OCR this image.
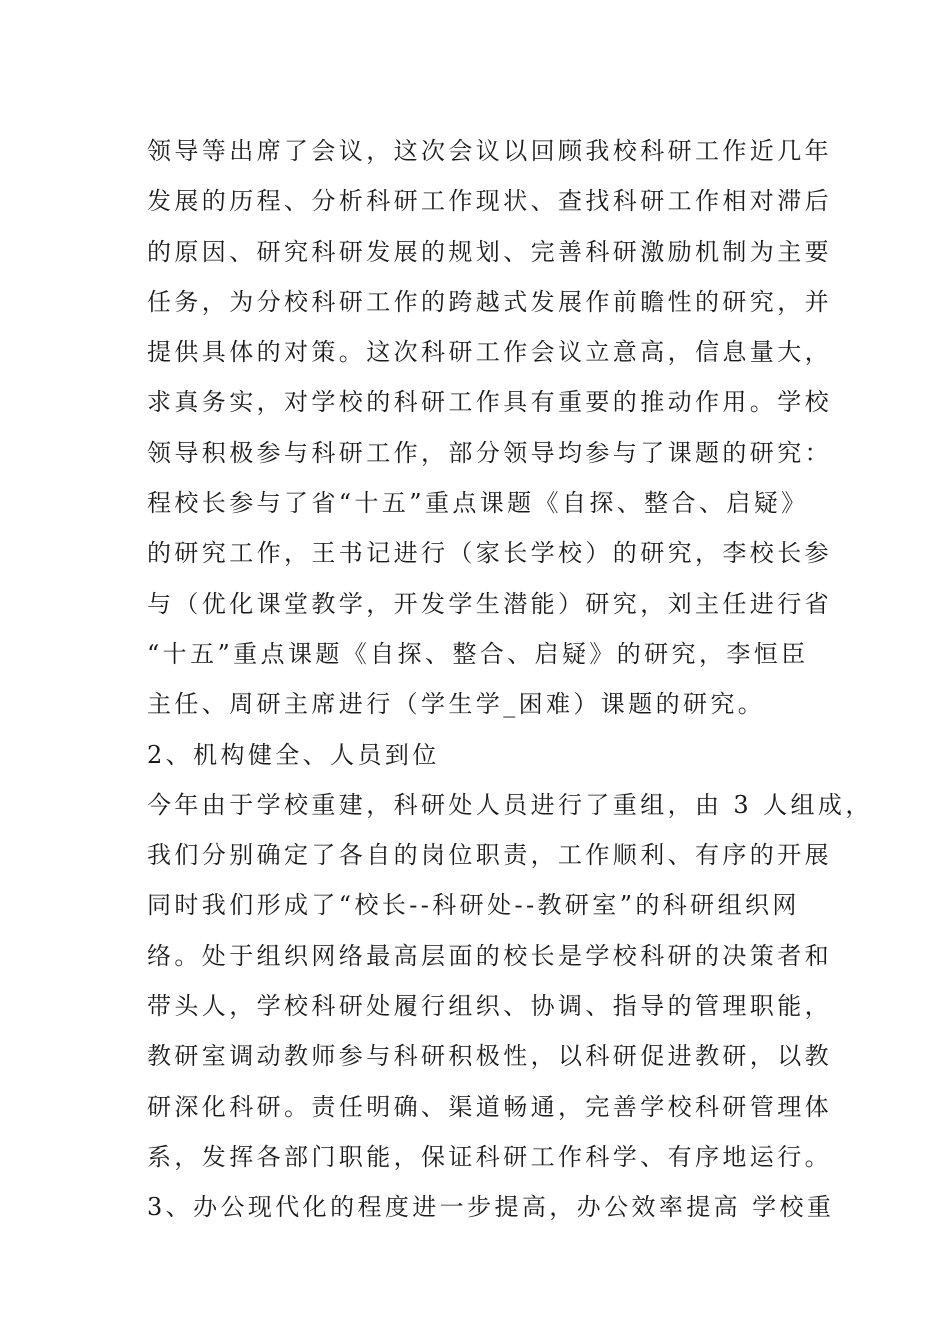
领导等出席了会议，这次会议以回顾我校科研工作近几年
发展的历程、分析科研工作现状、查找科研工作相对滞后
的原因、研究科研发展的规划、完善科研激励机制为主要
任务，为分校科研工作的跨越式发展作前瞻性的研究，并
提供具体的对策。这次科研工作会议立意高，信息量大，
求真务实，对学校的科研工作具有重要的推动作用。学校
领导积极参与科研工作，部分领导均参与了课题的研究：
程校长参与了省“十五”重点课题《自探、整合、启疑》
的研究工作，王书记进行（家长学校）的研究，李校长参
与（优化课堂教学，开发学生潜能）研究，刘主任进行省
“十五”重点课题《自探、整合、启疑》的研究，李恒臣
主任、周研主席进行（学生学_困难）课题的研究。
2、机构健全、人员到位
今年由于学校重建，科研处人员进行了重组，由 3 人组成，
我们分别确定了各自的岗位职责，工作顺利、有序的开展
同时我们形成了“校长--科研处--教研室”的科研组织网
络。处于组织网络最高层面的校长是学校科研的决策者和
带头人，学校科研处履行组织、协调、指导的管理职能，
教研室调动教师参与科研积极性，以科研促进教研，以教
研深化科研。责任明确、渠道畅通，完善学校科研管理体
系，发挥各部门职能，保证科研工作科学、有序地运行。
3、办公现代化的程度进一步提高，办公效率提高 学校重
